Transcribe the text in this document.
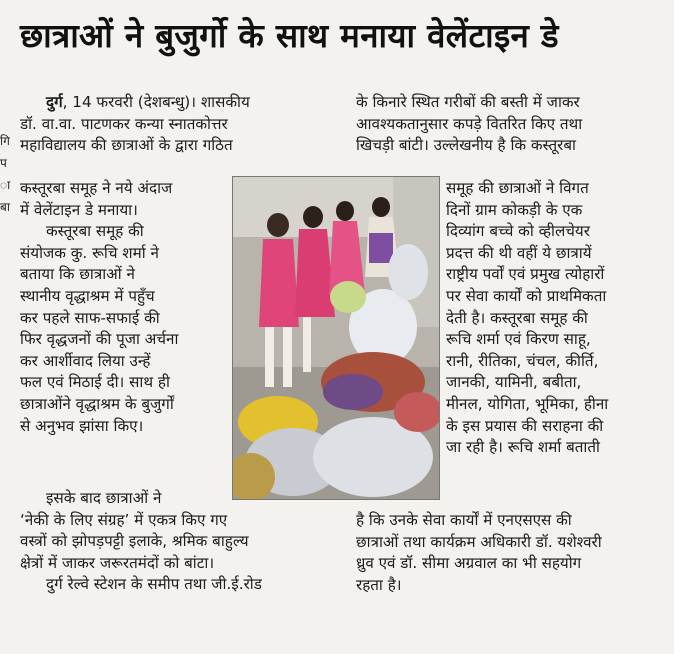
छात्राओं ने बुजुर्गो के साथ मनाया वेलेंटाइन डे
गि
प
ा
बा
दुर्ग, 14 फरवरी (देशबन्धु)। शासकीय
डॉ. वा.वा. पाटणकर कन्या स्नातकोत्तर
महाविद्यालय की छात्राओं के द्वारा गठित
कस्तूरबा समूह ने नये अंदाज
में वेलेंटाइन डे मनाया।
कस्तूरबा समूह की
संयोजक कु. रूचि शर्मा ने
बताया कि छात्राओं ने
स्थानीय वृद्धाश्रम में पहुँच
कर पहले साफ-सफाई की
फिर वृद्धजनों की पूजा अर्चना
कर आर्शीवाद लिया उन्हें
फल एवं मिठाई दी। साथ ही
छात्राओंने वृद्धाश्रम के बुजुर्गों
से अनुभव झांसा किए।
इसके बाद छात्राओं ने
‘नेकी के लिए संग्रह’ में एकत्र किए गए
वस्त्रों को झोपड़पट्टी इलाके, श्रमिक बाहुल्य
क्षेत्रों में जाकर जरूरतमंदों को बांटा।
दुर्ग रेल्वे स्टेशन के समीप तथा जी.ई.रोड
के किनारे स्थित गरीबों की बस्ती में जाकर
आवश्यकतानुसार कपड़े वितरित किए तथा
खिचड़ी बांटी। उल्लेखनीय है कि कस्तूरबा
समूह की छात्राओं ने विगत
दिनों ग्राम कोकड़ी के एक
दिव्यांग बच्चे को व्हीलचेयर
प्रदत्त की थी वहीं ये छात्रायें
राष्ट्रीय पर्वों एवं प्रमुख त्योहारों
पर सेवा कार्यों को प्राथमिकता
देती है। कस्तूरबा समूह की
रूचि शर्मा एवं किरण साहू,
रानी, रीतिका, चंचल, कीर्ति,
जानकी, यामिनी, बबीता,
मीनल, योगिता, भूमिका, हीना
के इस प्रयास की सराहना की
जा रही है। रूचि शर्मा बताती
है कि उनके सेवा कार्यों में एनएसएस की
छात्राओं तथा कार्यक्रम अधिकारी डॉ. यशेश्वरी
ध्रुव एवं डॉ. सीमा अग्रवाल का भी सहयोग
रहता है।
